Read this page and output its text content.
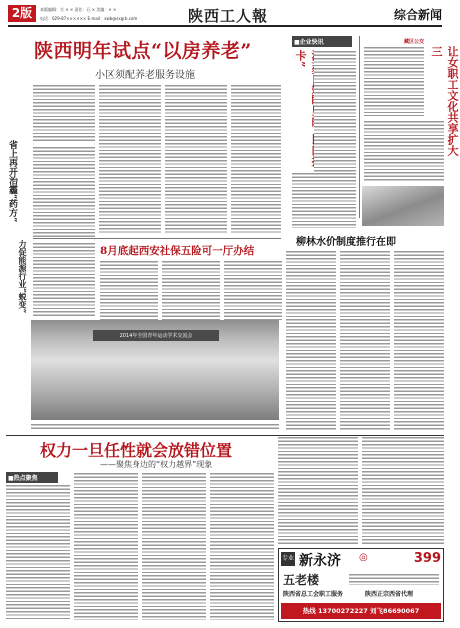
2版	本版编辑：方 × × 责任：石 × 美编：× ×
电话：029-87×××××× E-mail：xwb@sxgrb.com	陕西工人報	综合新闻
陕西明年试点“以房养老”
小区须配养老服务设施
省上再开治霾“药方”
力促能源行业“蜕变”	8月底起西安社保五险可一厅办结
■企业快讯
卡”
藏区公交
让女职工文化共享扩大三
2014年全国青年运动学术交流会
柳林水价制度推行在即
权力一旦任性就会放错位置
——聚焦身边的“权力越界”现象
■热点聚焦
专业 新永济	◎	399
五老楼
陕西省总工会职工服务	陕西正宗西省代理
热线 13700272227 刘飞86690067
